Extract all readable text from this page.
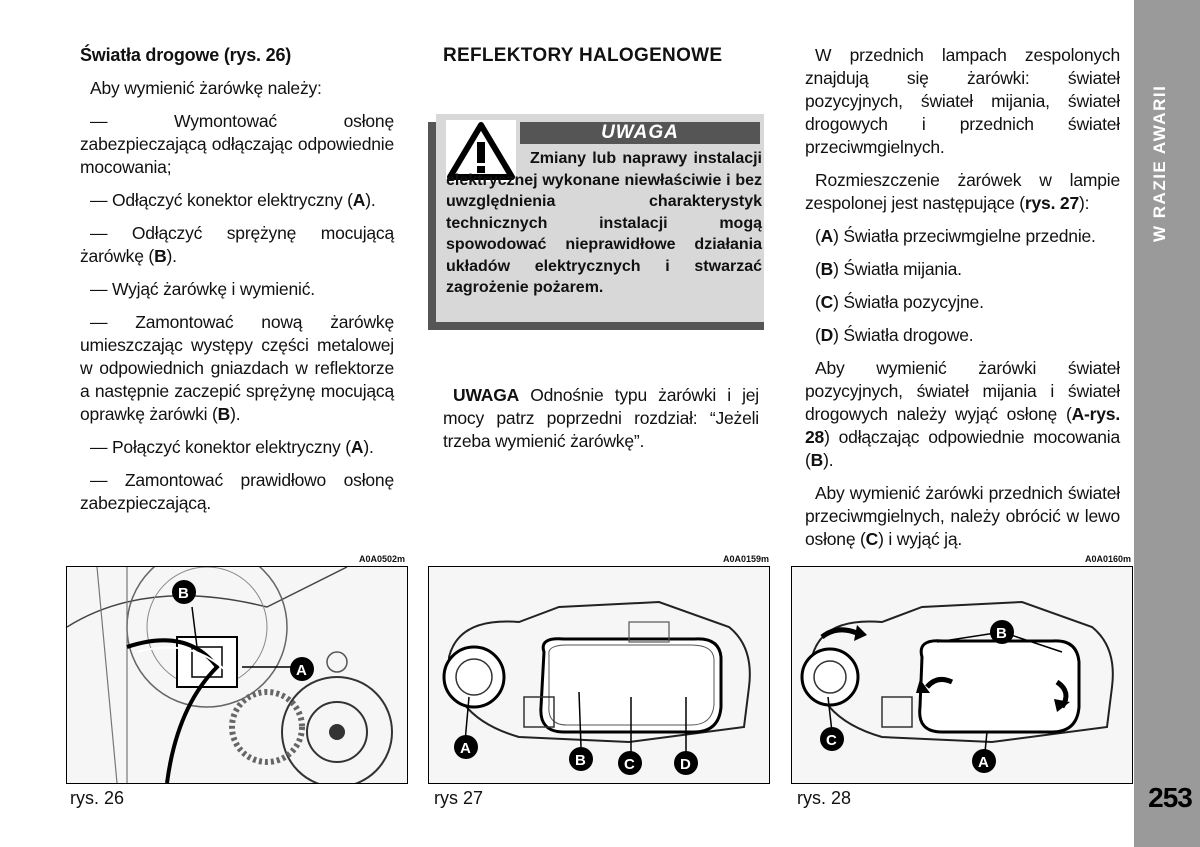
Światła drogowe (rys. 26)

Aby wymienić żarówkę należy:

— Wymontować osłonę zabezpieczającą odłączając odpowiednie mocowania;

— Odłączyć konektor elektryczny (A).

— Odłączyć sprężynę mocującą żarówkę (B).

— Wyjąć żarówkę i wymienić.

— Zamontować nową żarówkę umieszczając występy części metalowej w odpowiednich gniazdach w reflektorze a następnie zaczepić sprężynę mocującą oprawkę żarówki (B).

— Połączyć konektor elektryczny (A).

— Zamontować prawidłowo osłonę zabezpieczającą.

REFLEKTORY HALOGENOWE

UWAGA
Zmiany lub naprawy instalacji elektrycznej wykonane niewłaściwie i bez uwzględnienia charakterystyk technicznych instalacji mogą spowodować nieprawidłowe działania układów elektrycznych i stwarzać zagrożenie pożarem.

UWAGA Odnośnie typu żarówki i jej mocy patrz poprzedni rozdział: “Jeżeli trzeba wymienić żarówkę”.

W przednich lampach zespolonych znajdują się żarówki: świateł pozycyjnych, świateł mijania, świateł drogowych i przednich świateł przeciwmgielnych.

Rozmieszczenie żarówek w lampie zespolonej jest następujące (rys. 27):

(A) Światła przeciwmgielne przednie.

(B) Światła mijania.

(C) Światła pozycyjne.

(D) Światła drogowe.

Aby wymienić żarówki świateł pozycyjnych, świateł mijania i świateł drogowych należy wyjąć osłonę (A-rys. 28) odłączając odpowiednie mocowania (B).

Aby wymienić żarówki przednich świateł przeciwmgielnych, należy obrócić w lewo osłonę (C) i wyjąć ją.

W RAZIE AWARII
253
A0A0502m
B
A
rys. 26
A0A0159m
A
B	C	D
rys 27
A0A0160m
B
C
A
rys. 28
